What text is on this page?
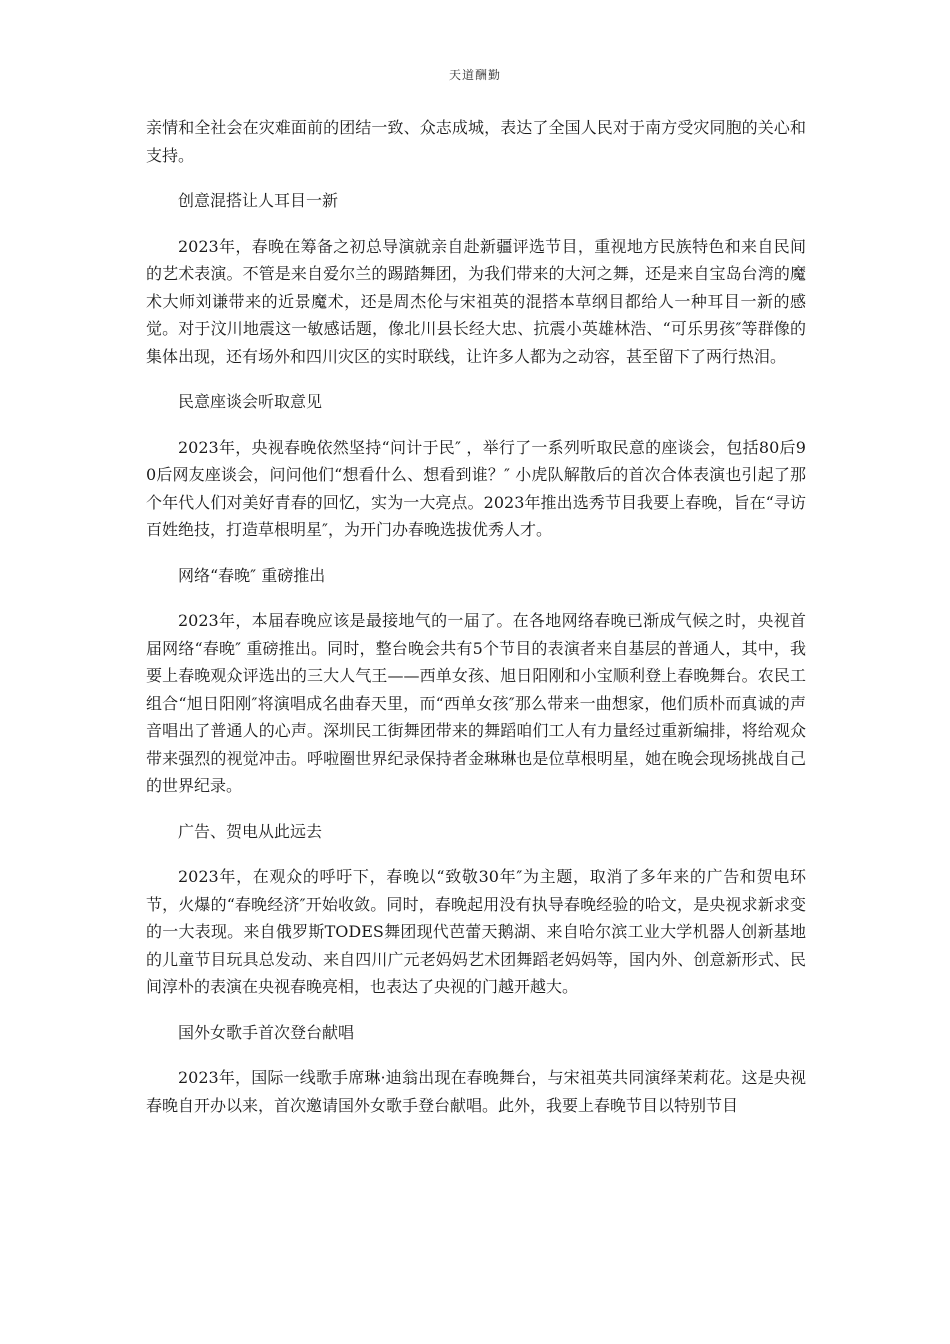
天道酬勤

亲情和全社会在灾难面前的团结一致、众志成城，表达了全国人民对于南方受灾同胞的关心和支持。

创意混搭让人耳目一新

2023年，春晚在筹备之初总导演就亲自赴新疆评选节目，重视地方民族特色和来自民间的艺术表演。不管是来自爱尔兰的踢踏舞团，为我们带来的大河之舞，还是来自宝岛台湾的魔术大师刘谦带来的近景魔术，还是周杰伦与宋祖英的混搭本草纲目都给人一种耳目一新的感觉。对于汶川地震这一敏感话题，像北川县长经大忠、抗震小英雄林浩、“可乐男孩″等群像的集体出现，还有场外和四川灾区的实时联线，让许多人都为之动容，甚至留下了两行热泪。

民意座谈会听取意见

2023年，央视春晚依然坚持“问计于民″ ，举行了一系列听取民意的座谈会，包括80后90后网友座谈会，问问他们“想看什么、想看到谁？″ 小虎队解散后的首次合体表演也引起了那个年代人们对美好青春的回忆，实为一大亮点。2023年推出选秀节目我要上春晚，旨在“寻访百姓绝技，打造草根明星″，为开门办春晚选拔优秀人才。

网络“春晚″ 重磅推出

2023年，本届春晚应该是最接地气的一届了。在各地网络春晚已渐成气候之时，央视首届网络“春晚″ 重磅推出。同时，整台晚会共有5个节目的表演者来自基层的普通人，其中，我要上春晚观众评选出的三大人气王——西单女孩、旭日阳刚和小宝顺利登上春晚舞台。农民工组合“旭日阳刚″将演唱成名曲春天里，而“西单女孩″那么带来一曲想家，他们质朴而真诚的声音唱出了普通人的心声。深圳民工街舞团带来的舞蹈咱们工人有力量经过重新编排，将给观众带来强烈的视觉冲击。呼啦圈世界纪录保持者金琳琳也是位草根明星，她在晚会现场挑战自己的世界纪录。

广告、贺电从此远去

2023年，在观众的呼吁下，春晚以“致敬30年″为主题，取消了多年来的广告和贺电环节，火爆的“春晚经济″开始收敛。同时，春晚起用没有执导春晚经验的哈文，是央视求新求变的一大表现。来自俄罗斯TODES舞团现代芭蕾天鹅湖、来自哈尔滨工业大学机器人创新基地的儿童节目玩具总发动、来自四川广元老妈妈艺术团舞蹈老妈妈等，国内外、创意新形式、民间淳朴的表演在央视春晚亮相，也表达了央视的门越开越大。

国外女歌手首次登台献唱

2023年，国际一线歌手席琳·迪翁出现在春晚舞台，与宋祖英共同演绎茉莉花。这是央视春晚自开办以来，首次邀请国外女歌手登台献唱。此外，我要上春晚节目以特别节目
